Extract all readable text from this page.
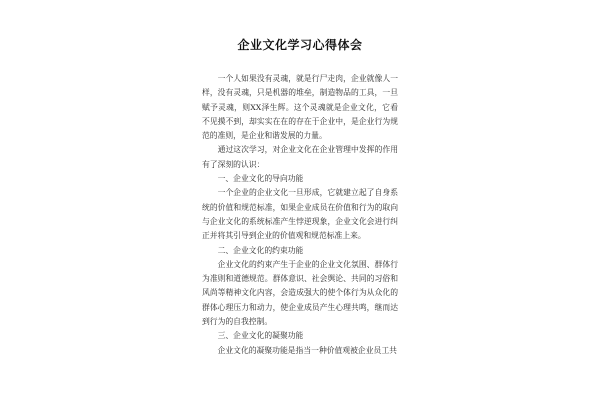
企业文化学习心得体会

一个人如果没有灵魂，就是行尸走肉，企业就像人一样，没有灵魂，只是机器的堆垒，制造物品的工具，一旦赋予灵魂，则XX泽生辉。这个灵魂就是企业文化，它看不见摸不到，却实实在在的存在于企业中，是企业行为规范的准则，是企业和谐发展的力量。

通过这次学习，对企业文化在企业管理中发挥的作用有了深刻的认识：

一、企业文化的导向功能

一个企业的企业文化一旦形成，它就建立起了自身系统的价值和规范标准，如果企业成员在价值和行为的取向与企业文化的系统标准产生悖逆现象，企业文化会进行纠正并将其引导到企业的价值观和规范标准上来。

二、企业文化的约束功能

企业文化的约束产生于企业的企业文化氛围、群体行为准则和道德规范。群体意识、社会舆论、共同的习俗和风尚等精神文化内容，会造成强大的使个体行为从众化的群体心理压力和动力，使企业成员产生心理共鸣，继而达到行为的自我控制。

三、企业文化的凝聚功能

企业文化的凝聚功能是指当一种价值观被企业员工共
